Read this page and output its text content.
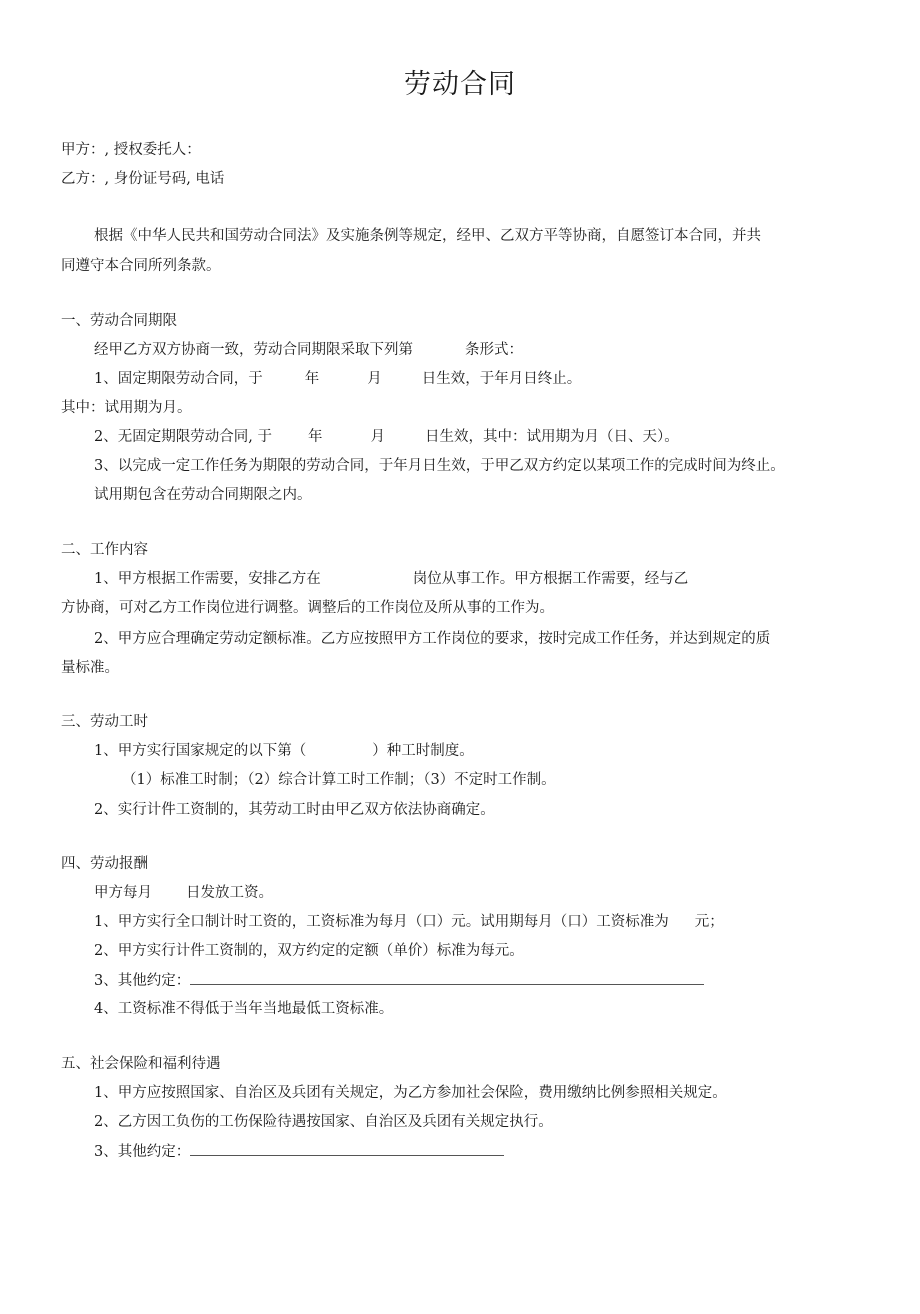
劳动合同
甲方：, 授权委托人：
乙方：, 身份证号码, 电话
根据《中华人民共和国劳动合同法》及实施条例等规定，经甲、乙双方平等协商，自愿签订本合同，并共
同遵守本合同所列条款。
一、劳动合同期限
经甲乙方双方协商一致，劳动合同期限采取下列第	条形式：
1、固定期限劳动合同，于	年	月	日生效，于年月日终止。
其中：试用期为月。
2、无固定期限劳动合同, 于 年	月	日生效，其中：试用期为月（日、天）。
3、以完成一定工作任务为期限的劳动合同，于年月日生效，于甲乙双方约定以某项工作的完成时间为终止。
试用期包含在劳动合同期限之内。
二、工作内容
1、甲方根据工作需要，安排乙方在	岗位从事工作。甲方根据工作需要，经与乙
方协商，可对乙方工作岗位进行调整。调整后的工作岗位及所从事的工作为。
2、甲方应合理确定劳动定额标准。乙方应按照甲方工作岗位的要求，按时完成工作任务，并达到规定的质
量标准。
三、劳动工时
1、甲方实行国家规定的以下第（	）种工时制度。
（1）标准工时制；（2）综合计算工时工作制；（3）不定时工作制。
2、实行计件工资制的，其劳动工时由甲乙双方依法协商确定。
四、劳动报酬
甲方每月 日发放工资。
1、甲方实行全口制计时工资的，工资标准为每月（口）元。试用期每月（口）工资标准为 元；
2、甲方实行计件工资制的，双方约定的定额（单价）标准为每元。
3、其他约定：
4、工资标准不得低于当年当地最低工资标准。
五、社会保险和福利待遇
1、甲方应按照国家、自治区及兵团有关规定，为乙方参加社会保险，费用缴纳比例参照相关规定。
2、乙方因工负伤的工伤保险待遇按国家、自治区及兵团有关规定执行。
3、其他约定：
